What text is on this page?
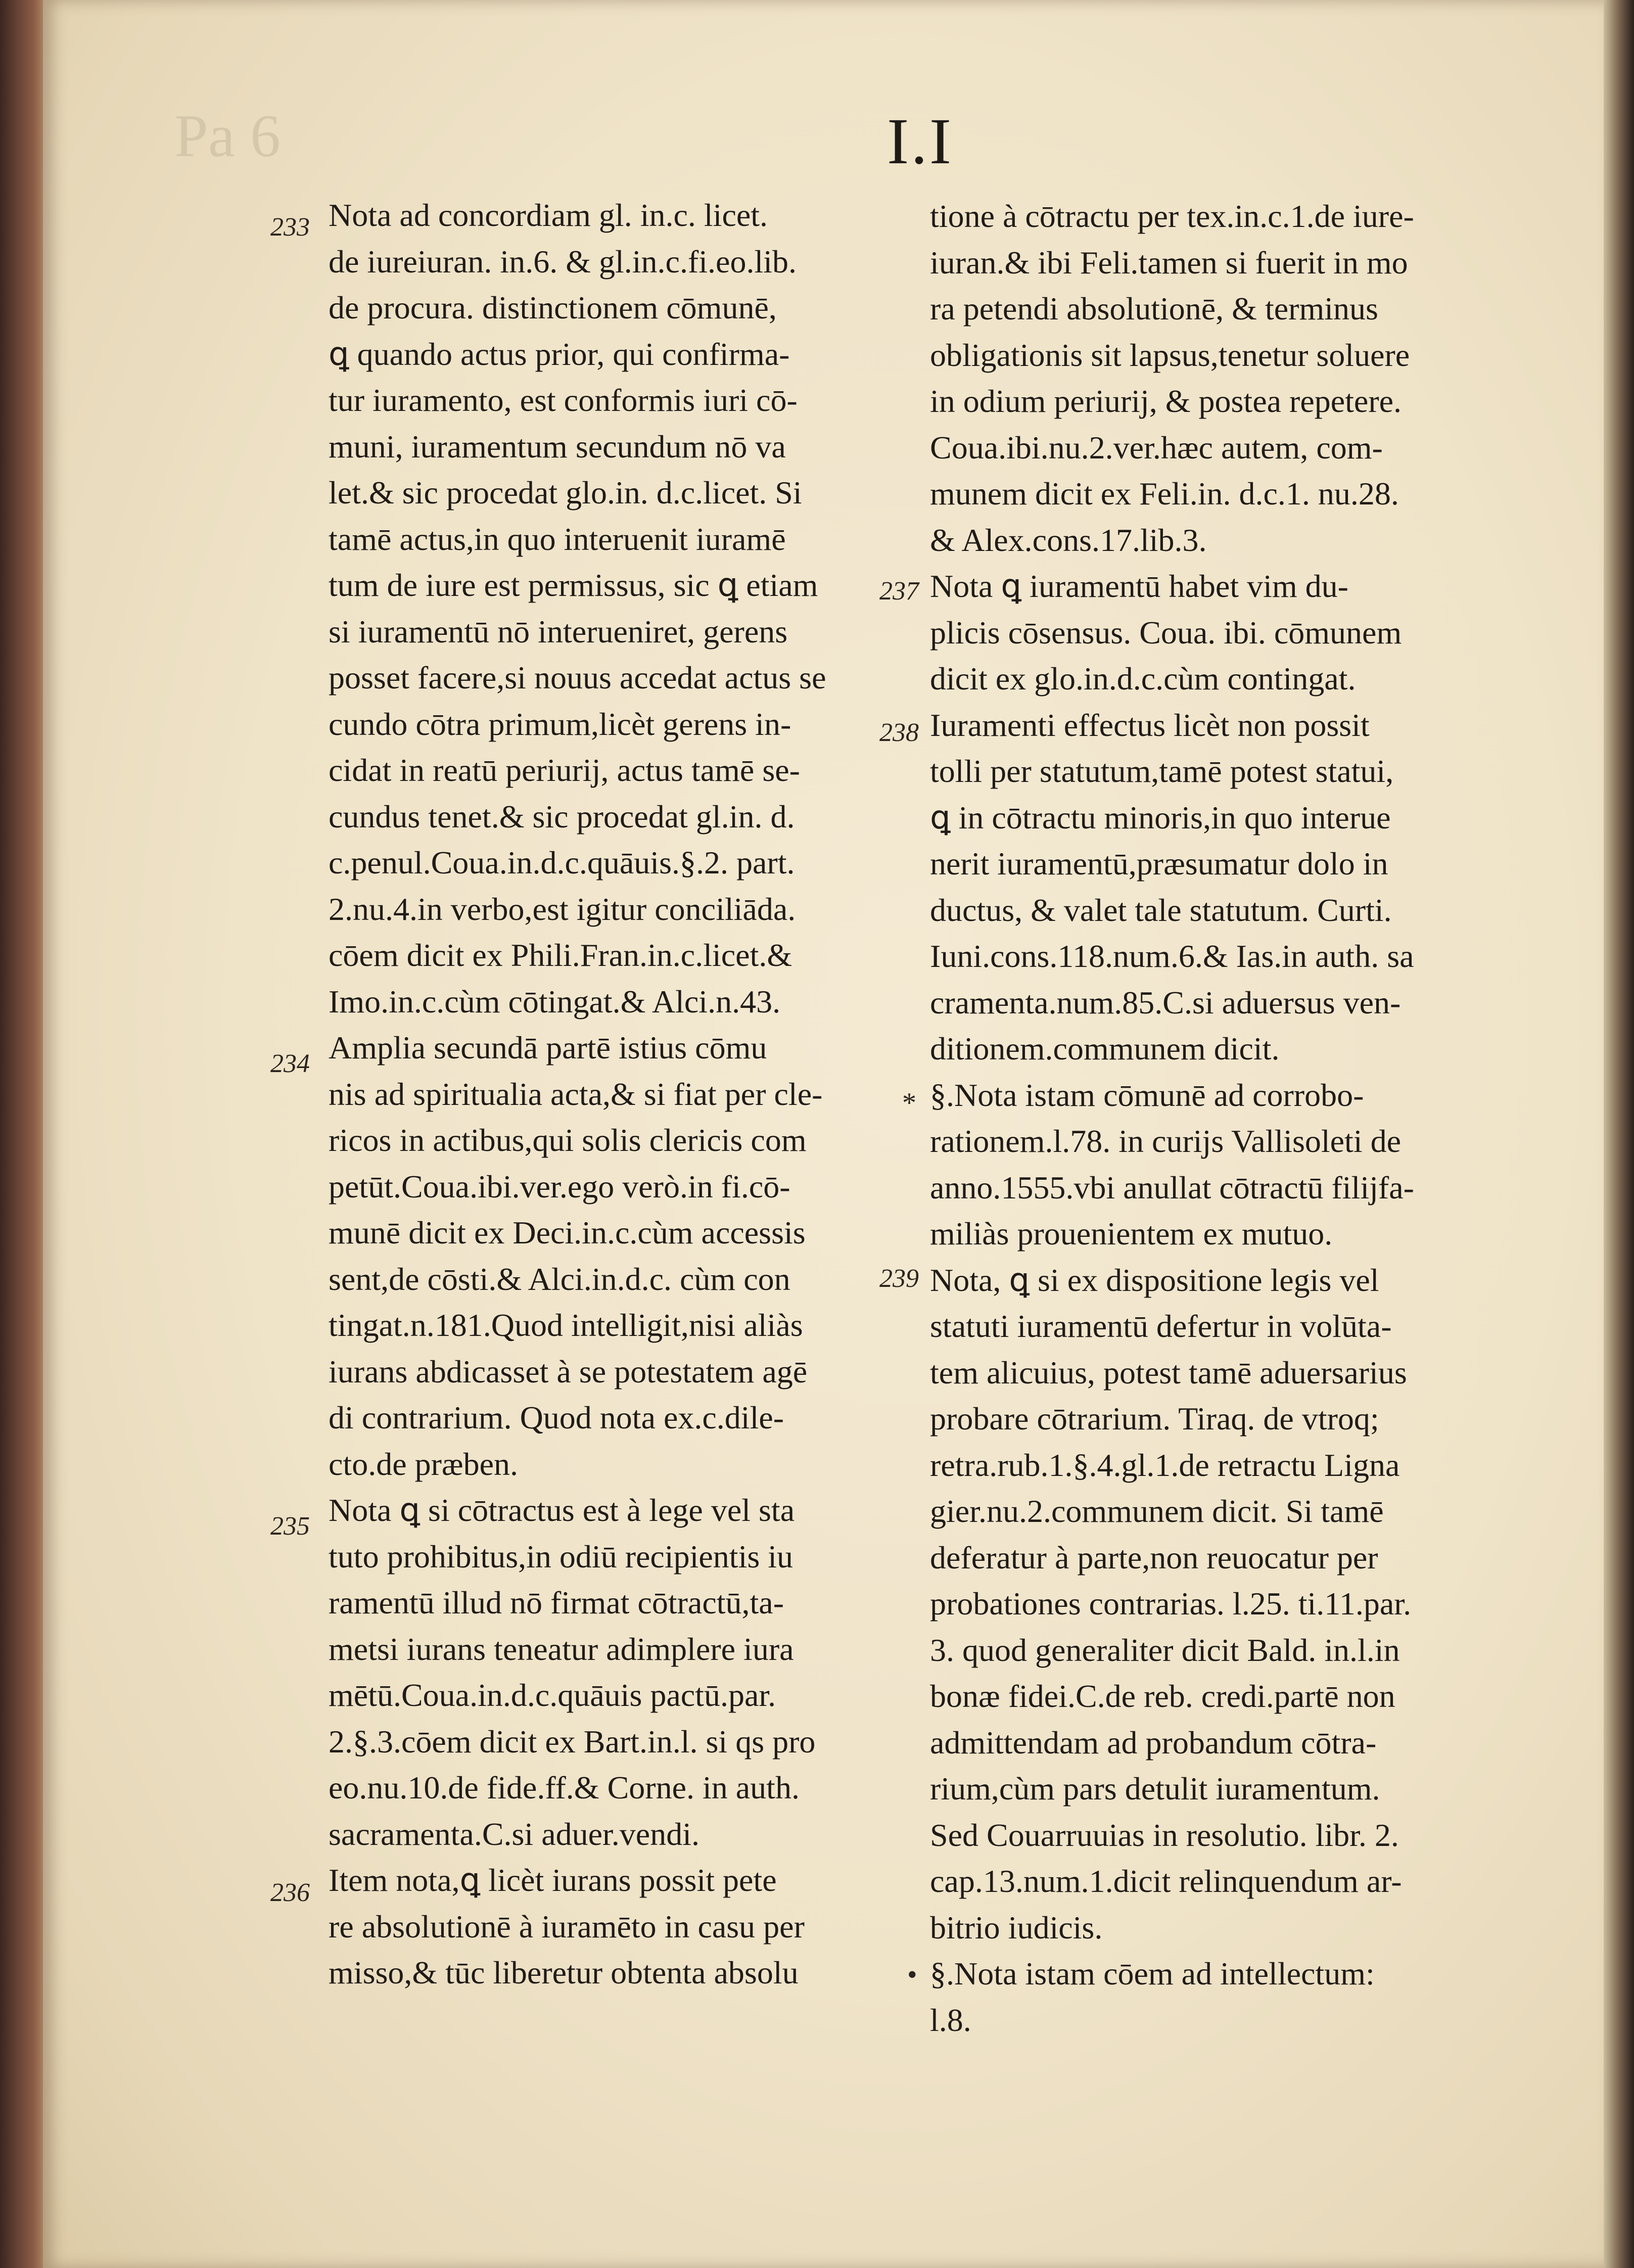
Pa 6	I.I
Nota ad concordiam gl. in.c. licet.
de iureiuran. in.6. & gl.in.c.fi.eo.lib.
de procura. distinctionem cōmunē,
ꝗ quando actus prior, qui confirma-
tur iuramento, est conformis iuri cō-
muni, iuramentum secundum nō va
let.& sic procedat glo.in. d.c.licet. Si
tamē actus,in quo interuenit iuramē
tum de iure est permissus, sic ꝗ etiam
si iuramentū nō interueniret, gerens
posset facere,si nouus accedat actus se
cundo cōtra primum,licèt gerens in-
cidat in reatū periurij, actus tamē se-
cundus tenet.& sic procedat gl.in. d.
c.penul.Coua.in.d.c.quāuis.§.2. part.
2.nu.4.in verbo,est igitur conciliāda.
cōem dicit ex Phili.Fran.in.c.licet.&
Imo.in.c.cùm cōtingat.& Alci.n.43.
Amplia secundā partē istius cōmu
nis ad spiritualia acta,& si fiat per cle-
ricos in actibus,qui solis clericis com
petūt.Coua.ibi.ver.ego verò.in fi.cō-
munē dicit ex Deci.in.c.cùm accessis
sent,de cōsti.& Alci.in.d.c. cùm con
tingat.n.181.Quod intelligit,nisi aliàs
iurans abdicasset à se potestatem agē
di contrarium. Quod nota ex.c.dile-
cto.de præben.
Nota ꝗ si cōtractus est à lege vel sta
tuto prohibitus,in odiū recipientis iu
ramentū illud nō firmat cōtractū,ta-
metsi iurans teneatur adimplere iura
mētū.Coua.in.d.c.quāuis pactū.par.
2.§.3.cōem dicit ex Bart.in.l. si qs pro
eo.nu.10.de fide.ff.& Corne. in auth.
sacramenta.C.si aduer.vendi.
Item nota,ꝗ licèt iurans possit pete
re absolutionē à iuramēto in casu per
misso,& tūc liberetur obtenta absolu
tione à cōtractu per tex.in.c.1.de iure-
iuran.& ibi Feli.tamen si fuerit in mo
ra petendi absolutionē, & terminus
obligationis sit lapsus,tenetur soluere
in odium periurij, & postea repetere.
Coua.ibi.nu.2.ver.hæc autem, com-
munem dicit ex Feli.in. d.c.1. nu.28.
& Alex.cons.17.lib.3.
Nota ꝗ iuramentū habet vim du-
plicis cōsensus. Coua. ibi. cōmunem
dicit ex glo.in.d.c.cùm contingat.
Iuramenti effectus licèt non possit
tolli per statutum,tamē potest statui,
ꝗ in cōtractu minoris,in quo interue
nerit iuramentū,præsumatur dolo in
ductus, & valet tale statutum. Curti.
Iuni.cons.118.num.6.& Ias.in auth. sa
cramenta.num.85.C.si aduersus ven-
ditionem.communem dicit.
§.Nota istam cōmunē ad corrobo-
rationem.l.78. in curijs Vallisoleti de
anno.1555.vbi anullat cōtractū filijfa-
miliàs prouenientem ex mutuo.
Nota, ꝗ si ex dispositione legis vel
statuti iuramentū defertur in volūta-
tem alicuius, potest tamē aduersarius
probare cōtrarium. Tiraq. de vtroq;
retra.rub.1.§.4.gl.1.de retractu Ligna
gier.nu.2.communem dicit. Si tamē
deferatur à parte,non reuocatur per
probationes contrarias. l.25. ti.11.par.
3. quod generaliter dicit Bald. in.l.in
bonæ fidei.C.de reb. credi.partē non
admittendam ad probandum cōtra-
rium,cùm pars detulit iuramentum.
Sed Couarruuias in resolutio. libr. 2.
cap.13.num.1.dicit relinquendum ar-
bitrio iudicis.
§.Nota istam cōem ad intellectum:
l.8.
233
234
235
236
237
238
239
*
•
